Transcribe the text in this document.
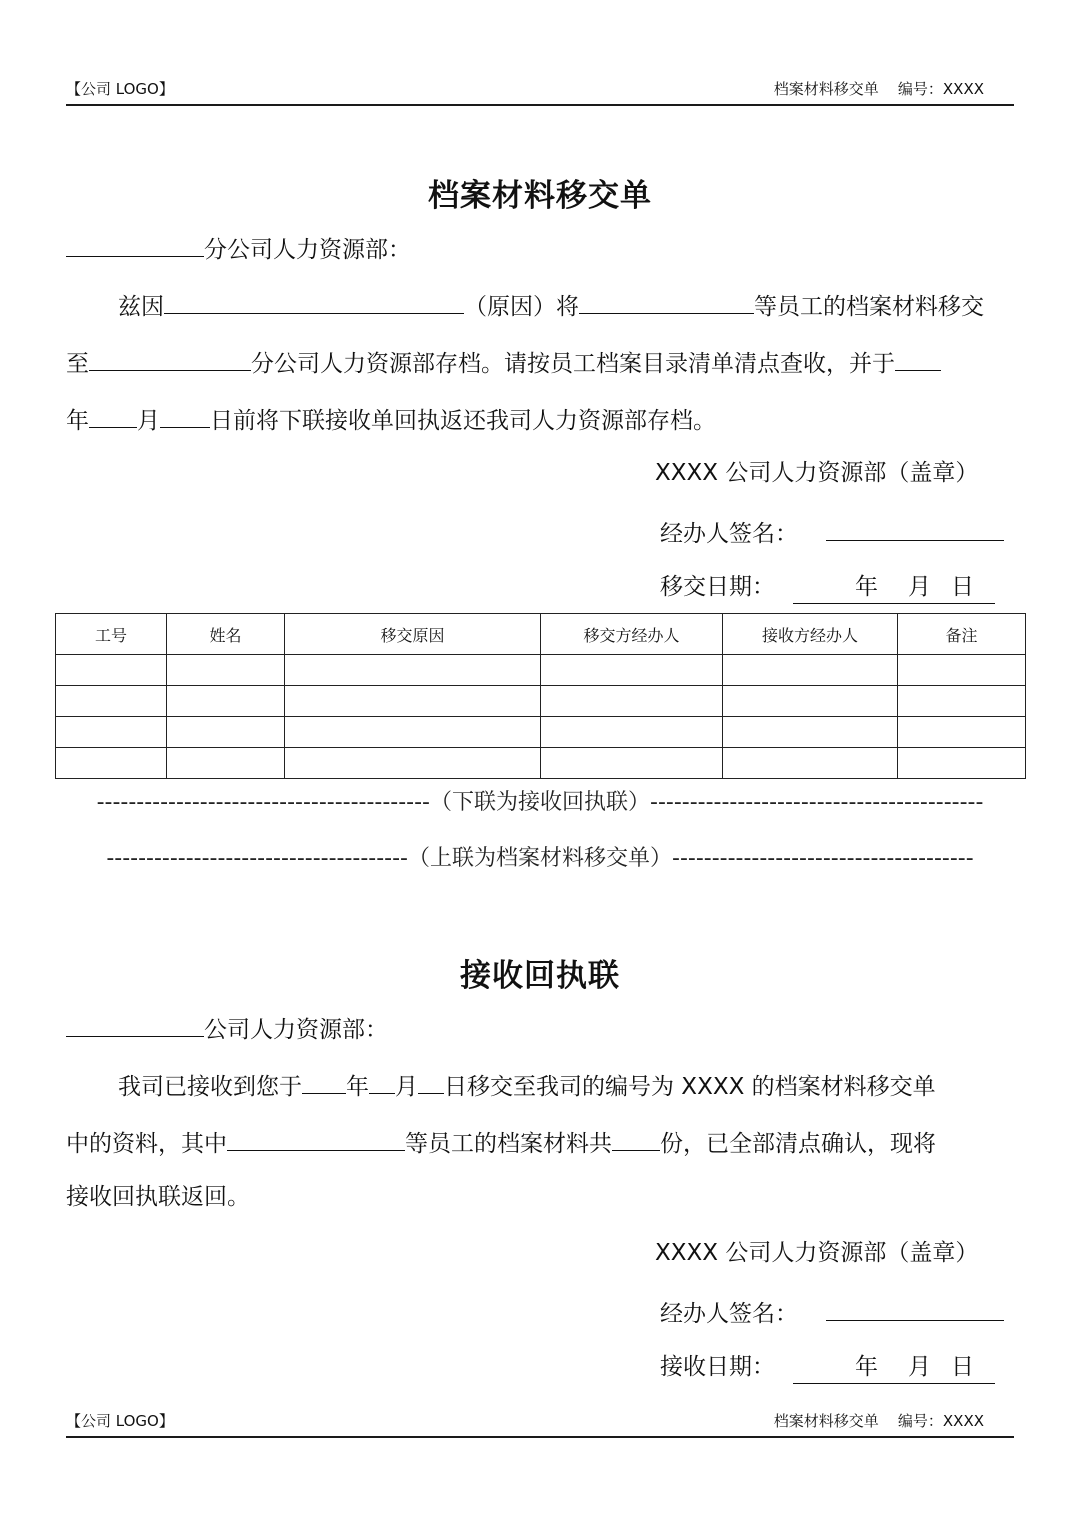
【公司 LOGO】	档案材料移交单 编号：XXXX
档案材料移交单
分公司人力资源部：
兹因	（原因）将	等员工的档案材料移交
至	分公司人力资源部存档。请按员工档案目录清单清点查收，并于
年 月 日前将下联接收单回执返还我司人力资源部存档。
XXXX 公司人力资源部（盖章）
经办人签名：
移交日期：	年 月 日
工号	姓名	移交原因	移交方经办人	接收方经办人	备注

------------------------------------------（下联为接收回执联）------------------------------------------
--------------------------------------（上联为档案材料移交单）--------------------------------------
接收回执联
公司人力资源部：
我司已接收到您于 年 月 日移交至我司的编号为 XXXX 的档案材料移交单
中的资料，其中	等员工的档案材料共 份，已全部清点确认，现将
接收回执联返回。
XXXX 公司人力资源部（盖章）
经办人签名：
接收日期：	年 月 日
【公司 LOGO】	档案材料移交单 编号：XXXX
